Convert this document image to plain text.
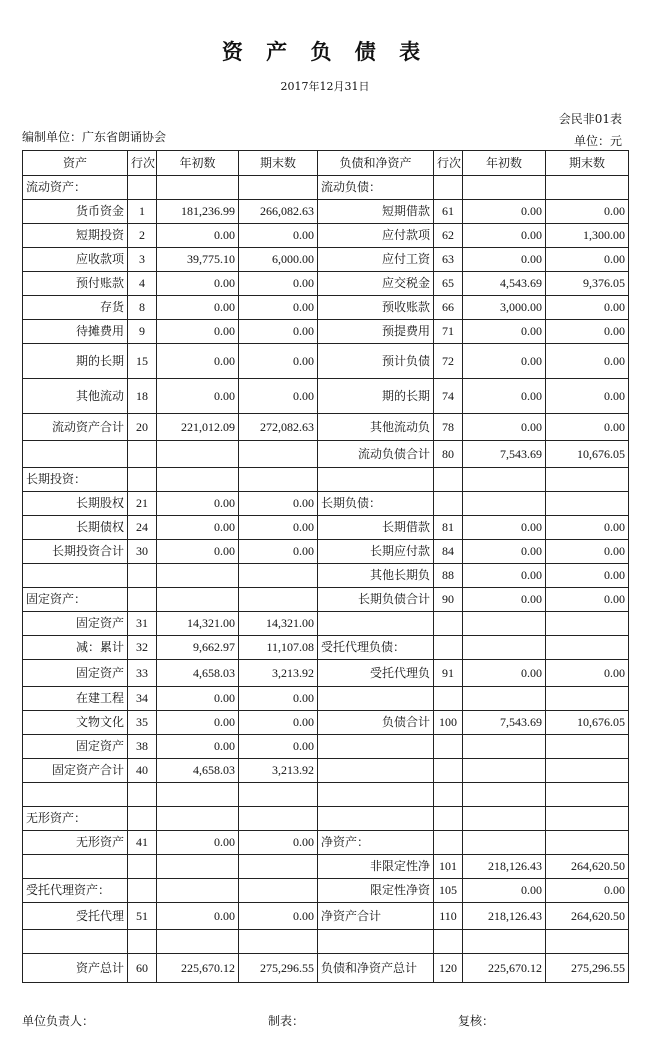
资 产 负 债 表
2017年12月31日
会民非01表
编制单位：广东省朗诵协会	单位：元
资产	行次	年初数	期末数	负债和净资产	行次	年初数	期末数
流动资产：				流动负债：			
货币资金	1	181,236.99	266,082.63	短期借款	61	0.00	0.00
短期投资	2	0.00	0.00	应付款项	62	0.00	1,300.00
应收款项	3	39,775.10	6,000.00	应付工资	63	0.00	0.00
预付账款	4	0.00	0.00	应交税金	65	4,543.69	9,376.05
存货	8	0.00	0.00	预收账款	66	3,000.00	0.00
待摊费用	9	0.00	0.00	预提费用	71	0.00	0.00
期的长期	15	0.00	0.00	预计负债	72	0.00	0.00
其他流动	18	0.00	0.00	期的长期	74	0.00	0.00
流动资产合计	20	221,012.09	272,082.63	其他流动负	78	0.00	0.00
				流动负债合计	80	7,543.69	10,676.05
长期投资：							
长期股权	21	0.00	0.00	长期负债：			
长期债权	24	0.00	0.00	长期借款	81	0.00	0.00
长期投资合计	30	0.00	0.00	长期应付款	84	0.00	0.00
				其他长期负	88	0.00	0.00
固定资产：				长期负债合计	90	0.00	0.00
固定资产	31	14,321.00	14,321.00				
减：累计	32	9,662.97	11,107.08	受托代理负债：			
固定资产	33	4,658.03	3,213.92	受托代理负	91	0.00	0.00
在建工程	34	0.00	0.00				
文物文化	35	0.00	0.00	负债合计	100	7,543.69	10,676.05
固定资产	38	0.00	0.00				
固定资产合计	40	4,658.03	3,213.92				

无形资产：							
无形资产	41	0.00	0.00	净资产：			
				非限定性净	101	218,126.43	264,620.50
受托代理资产：				限定性净资	105	0.00	0.00
受托代理	51	0.00	0.00	净资产合计	110	218,126.43	264,620.50

资产总计	60	225,670.12	275,296.55	负债和净资产总计	120	225,670.12	275,296.55
单位负责人：	制表：	复核：
